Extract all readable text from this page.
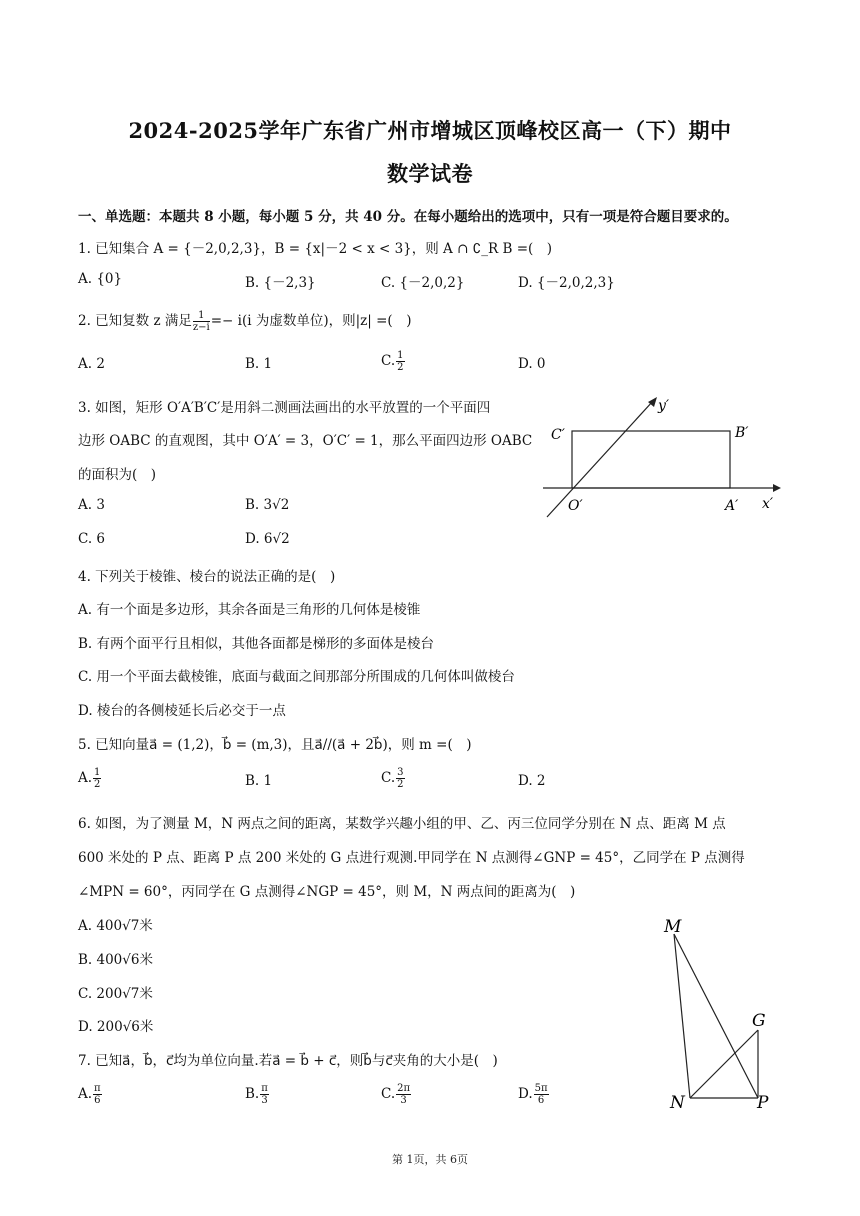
2024-2025学年广东省广州市增城区顶峰校区高一（下）期中
数学试卷
一、单选题：本题共 8 小题，每小题 5 分，共 40 分。在每小题给出的选项中，只有一项是符合题目要求的。
1. 已知集合 A = {－2,0,2,3}，B = {x|－2 < x < 3}，则 A ∩ ∁_R B =(　)
A. {0}	B. {－2,3}	C. {－2,0,2}	D. {－2,0,2,3}
2. 已知复数 z 满足 $\frac{1}{z-i} =- i(i$ 为虚数单位)，则|z| =(　)
A. 2	B. 1	C. $\frac{1}{2}$	D. 0
3. 如图，矩形 O′A′B′C′是用斜二测画法画出的水平放置的一个平面四
边形 OABC 的直观图，其中 O′A′ = 3，O′C′ = 1，那么平面四边形 OABC
的面积为(　)
A. 3	B. 3√2
C. 6	D. 6√2
y′
C′	B′
O′	A′ x′
4. 下列关于棱锥、棱台的说法正确的是(　)
A. 有一个面是多边形，其余各面是三角形的几何体是棱锥
B. 有两个面平行且相似，其他各面都是梯形的多面体是棱台
C. 用一个平面去截棱锥，底面与截面之间那部分所围成的几何体叫做棱台
D. 棱台的各侧棱延长后必交于一点
5. 已知向量a⃗ = (1,2)，b⃗ = (m,3)，且a⃗//(a⃗ + 2b⃗)，则 m =(　)
A. $\frac{1}{2}$	B. 1	C. $\frac{3}{2}$	D. 2
6. 如图，为了测量 M，N 两点之间的距离，某数学兴趣小组的甲、乙、丙三位同学分别在 N 点、距离 M 点
600 米处的 P 点、距离 P 点 200 米处的 G 点进行观测.甲同学在 N 点测得∠GNP = 45°，乙同学在 P 点测得
∠MPN = 60°，丙同学在 G 点测得∠NGP = 45°，则 M，N 两点间的距离为(　)
A. 400√7米
B. 400√6米
C. 200√7米
D. 200√6米
M
G
N	P
7. 已知a⃗，b⃗，c⃗均为单位向量.若a⃗ = b⃗ + c⃗，则b⃗与c⃗夹角的大小是(　)
A. $\frac{\pi}{6}$	B. $\frac{\pi}{3}$	C. $\frac{2\pi}{3}$	D. $\frac{5\pi}{6}$
第 1页，共 6页
